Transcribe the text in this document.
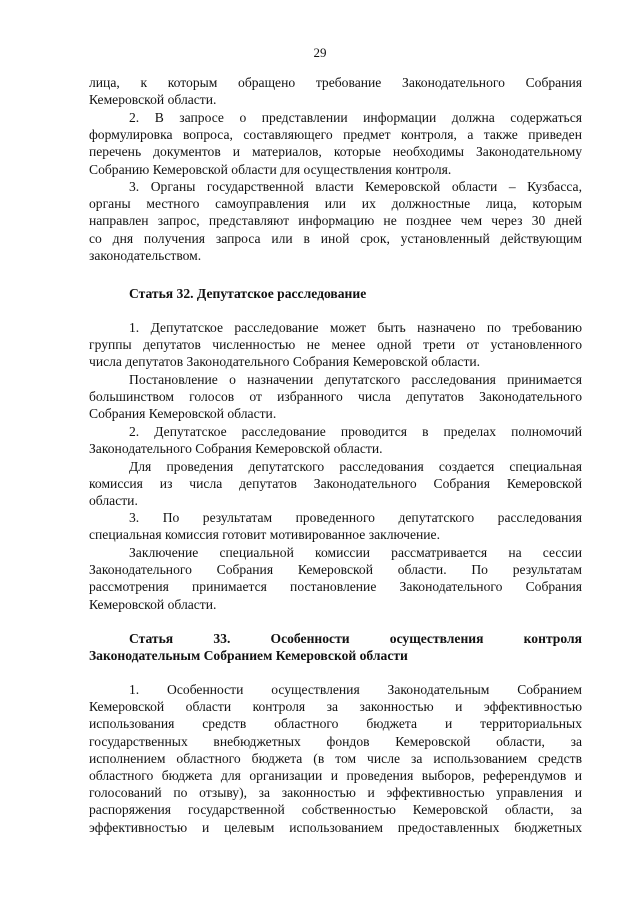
29
лица, к которым обращено требование Законодательного Собрания
Кемеровской области.
2. В запросе о представлении информации должна содержаться
формулировка вопроса, составляющего предмет контроля, а также приведен
перечень документов и материалов, которые необходимы Законодательному
Собранию Кемеровской области для осуществления контроля.
3. Органы государственной власти Кемеровской области – Кузбасса,
органы местного самоуправления или их должностные лица, которым
направлен запрос, представляют информацию не позднее чем через 30 дней
со дня получения запроса или в иной срок, установленный действующим
законодательством.
Статья 32. Депутатское расследование
1. Депутатское расследование может быть назначено по требованию
группы депутатов численностью не менее одной трети от установленного
числа депутатов Законодательного Собрания Кемеровской области.
Постановление о назначении депутатского расследования принимается
большинством голосов от избранного числа депутатов Законодательного
Собрания Кемеровской области.
2. Депутатское расследование проводится в пределах полномочий
Законодательного Собрания Кемеровской области.
Для проведения депутатского расследования создается специальная
комиссия из числа депутатов Законодательного Собрания Кемеровской
области.
3. По результатам проведенного депутатского расследования
специальная комиссия готовит мотивированное заключение.
Заключение специальной комиссии рассматривается на сессии
Законодательного Собрания Кемеровской области. По результатам
рассмотрения принимается постановление Законодательного Собрания
Кемеровской области.
Статья	33.	Особенности	осуществления	контроля
Законодательным Собранием Кемеровской области
1. Особенности осуществления Законодательным Собранием
Кемеровской области контроля за законностью и эффективностью
использования средств областного бюджета и территориальных
государственных внебюджетных фондов Кемеровской области, за
исполнением областного бюджета (в том числе за использованием средств
областного бюджета для организации и проведения выборов, референдумов и
голосований по отзыву), за законностью и эффективностью управления и
распоряжения государственной собственностью Кемеровской области, за
эффективностью и целевым использованием предоставленных бюджетных
